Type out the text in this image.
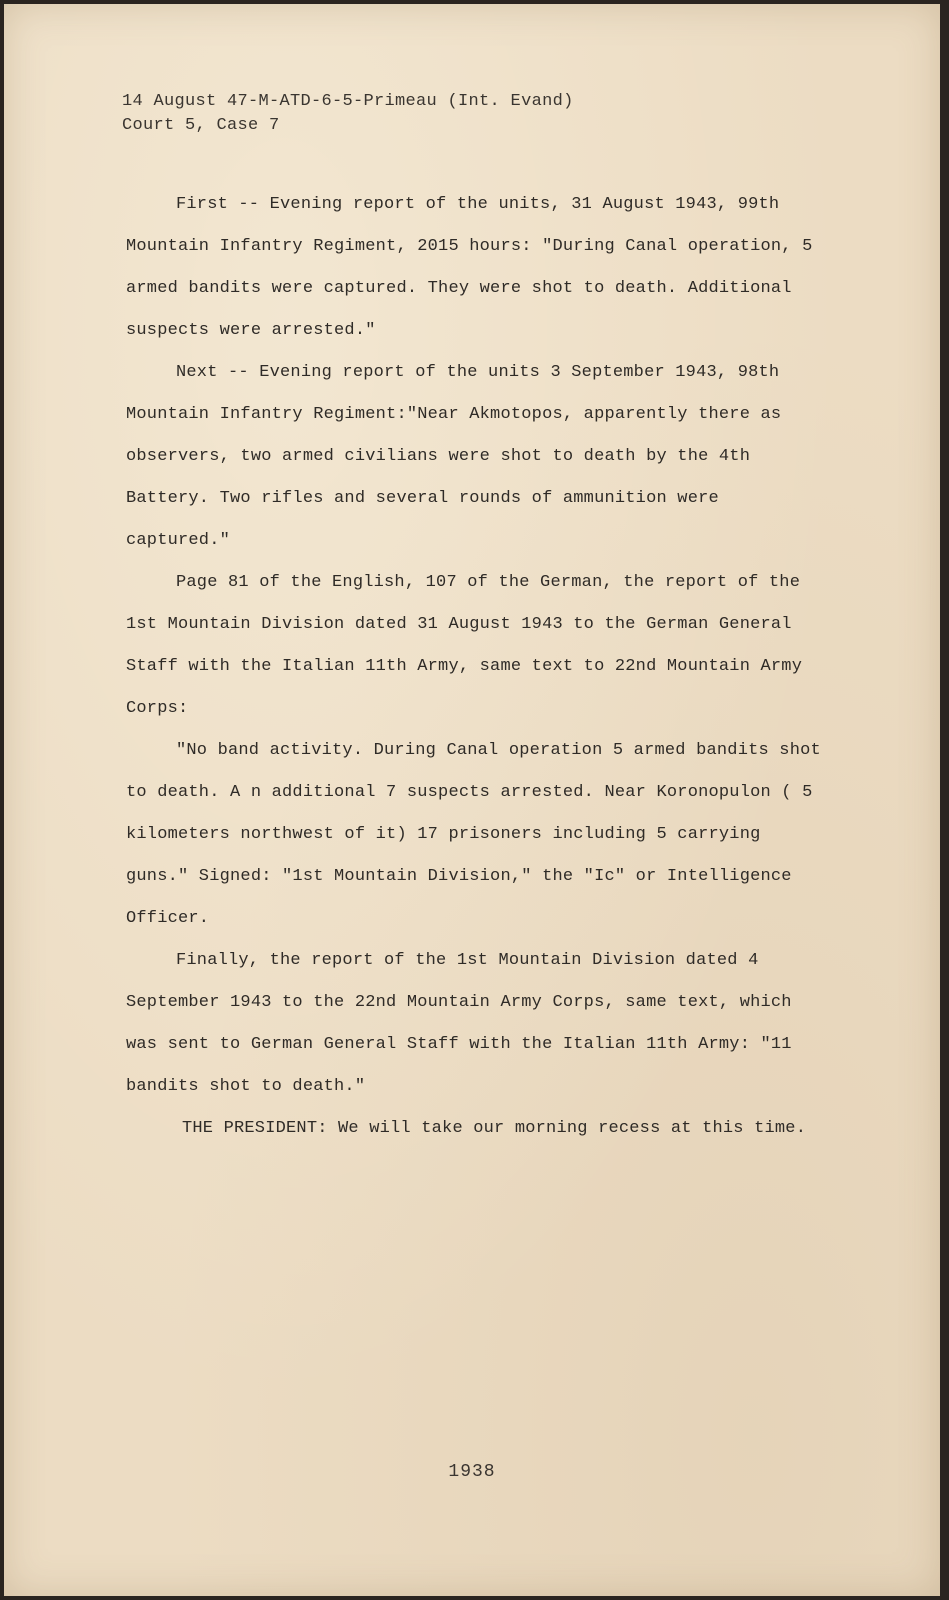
14 August 47-M-ATD-6-5-Primeau (Int. Evand)
Court 5, Case 7

First -- Evening report of the units, 31 August 1943, 99th Mountain Infantry Regiment, 2015 hours: "During Canal operation, 5 armed bandits were captured. They were shot to death. Additional suspects were arrested."

Next -- Evening report of the units 3 September 1943, 98th Mountain Infantry Regiment:"Near Akmotopos, apparently there as observers, two armed civilians were shot to death by the 4th Battery. Two rifles and several rounds of ammunition were captured."

Page 81 of the English, 107 of the German, the report of the 1st Mountain Division dated 31 August 1943 to the German General Staff with the Italian 11th Army, same text to 22nd Mountain Army Corps:

"No band activity. During Canal operation 5 armed bandits shot to death. A n additional 7 suspects arrested. Near Koronopulon ( 5 kilometers northwest of it) 17 prisoners including 5 carrying guns." Signed: "1st Mountain Division," the "Ic" or Intelligence Officer.

Finally, the report of the 1st Mountain Division dated 4 September 1943 to the 22nd Mountain Army Corps, same text, which was sent to German General Staff with the Italian 11th Army: "11 bandits shot to death."

THE PRESIDENT: We will take our morning recess at this time.

1938
